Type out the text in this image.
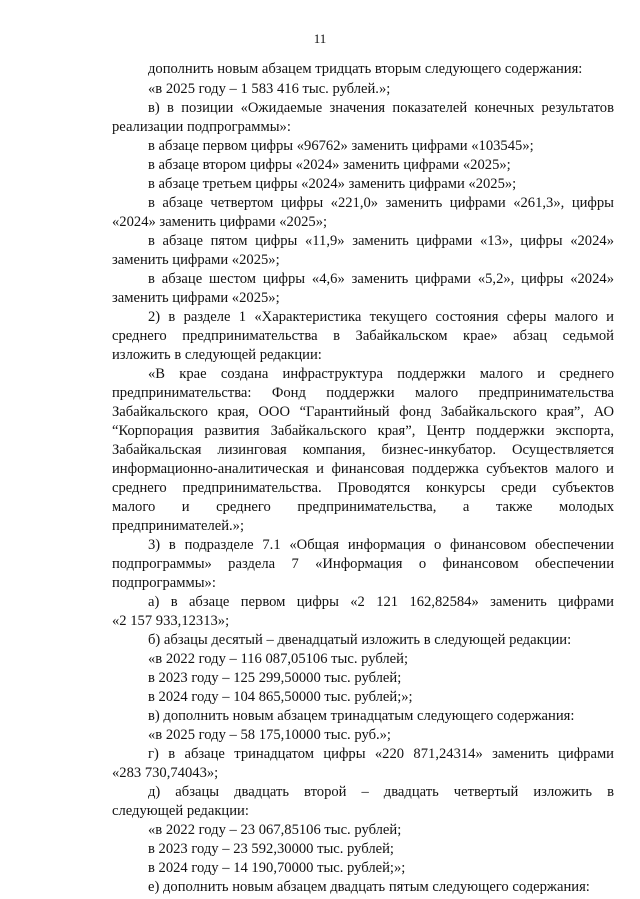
11
дополнить новым абзацем тридцать вторым следующего содержания:
«в 2025 году – 1 583 416 тыс. рублей.»;
в) в позиции «Ожидаемые значения показателей конечных результатов
реализации подпрограммы»:
в абзаце первом цифры «96762» заменить цифрами «103545»;
в абзаце втором цифры «2024» заменить цифрами «2025»;
в абзаце третьем цифры «2024» заменить цифрами «2025»;
в абзаце четвертом цифры «221,0» заменить цифрами «261,3», цифры
«2024» заменить цифрами «2025»;
в абзаце пятом цифры «11,9» заменить цифрами «13», цифры «2024»
заменить цифрами «2025»;
в абзаце шестом цифры «4,6» заменить цифрами «5,2», цифры «2024»
заменить цифрами «2025»;
2) в разделе 1 «Характеристика текущего состояния сферы малого и
среднего предпринимательства в Забайкальском крае» абзац седьмой
изложить в следующей редакции:
«В крае создана инфраструктура поддержки малого и среднего
предпринимательства: Фонд поддержки малого предпринимательства
Забайкальского края, ООО “Гарантийный фонд Забайкальского края”, АО
“Корпорация развития Забайкальского края”, Центр поддержки экспорта,
Забайкальская лизинговая компания, бизнес-инкубатор. Осуществляется
информационно-аналитическая и финансовая поддержка субъектов малого и
среднего предпринимательства. Проводятся конкурсы среди субъектов
малого и среднего предпринимательства, а также молодых
предпринимателей.»;
3) в подразделе 7.1 «Общая информация о финансовом обеспечении
подпрограммы» раздела 7 «Информация о финансовом обеспечении
подпрограммы»:
а) в абзаце первом цифры «2 121 162,82584» заменить цифрами
«2 157 933,12313»;
б) абзацы десятый – двенадцатый изложить в следующей редакции:
«в 2022 году – 116 087,05106 тыс. рублей;
в 2023 году – 125 299,50000 тыс. рублей;
в 2024 году – 104 865,50000 тыс. рублей;»;
в) дополнить новым абзацем тринадцатым следующего содержания:
«в 2025 году – 58 175,10000 тыс. руб.»;
г) в абзаце тринадцатом цифры «220 871,24314» заменить цифрами
«283 730,74043»;
д) абзацы двадцать второй – двадцать четвертый изложить в
следующей редакции:
«в 2022 году – 23 067,85106 тыс. рублей;
в 2023 году – 23 592,30000 тыс. рублей;
в 2024 году – 14 190,70000 тыс. рублей;»;
е) дополнить новым абзацем двадцать пятым следующего содержания:
